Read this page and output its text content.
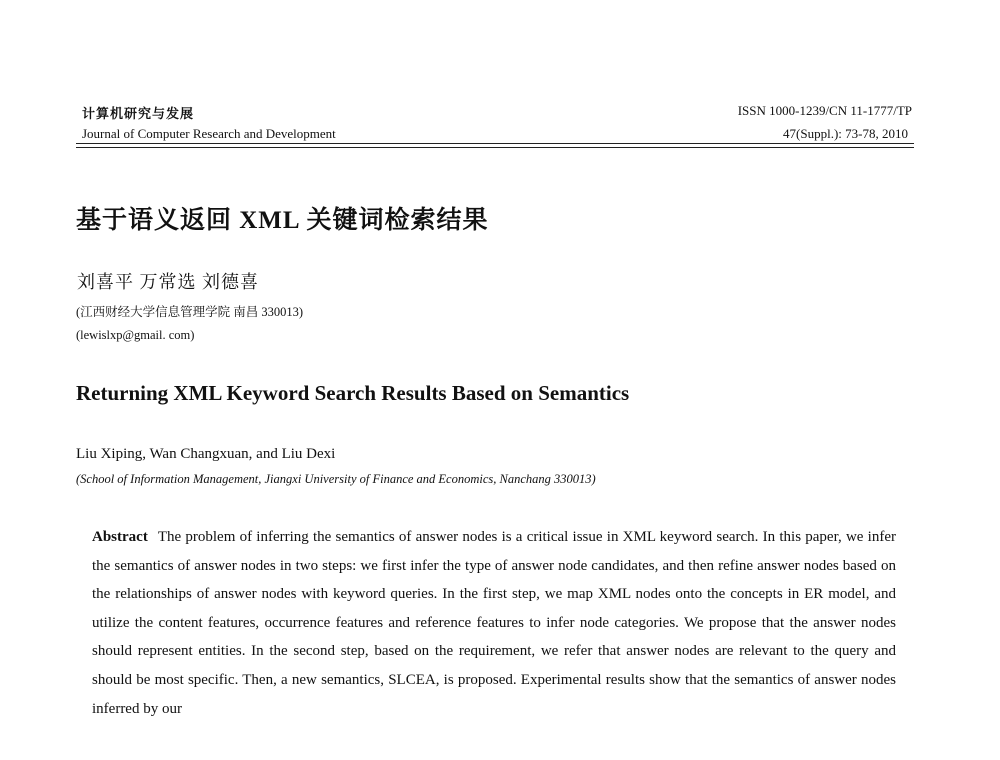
计算机研究与发展
Journal of Computer Research and Development
ISSN 1000-1239/CN 11-1777/TP
47(Suppl.): 73-78, 2010
基于语义返回 XML 关键词检索结果
刘喜平 万常选 刘德喜
(江西财经大学信息管理学院 南昌 330013)
(lewislxp@gmail. com)
Returning XML Keyword Search Results Based on Semantics
Liu Xiping, Wan Changxuan, and Liu Dexi
(School of Information Management, Jiangxi University of Finance and Economics, Nanchang 330013)
Abstract The problem of inferring the semantics of answer nodes is a critical issue in XML keyword search. In this paper, we infer the semantics of answer nodes in two steps: we first infer the type of answer node candidates, and then refine answer nodes based on the relationships of answer nodes with keyword queries. In the first step, we map XML nodes onto the concepts in ER model, and utilize the content features, occurrence features and reference features to infer node categories. We propose that the answer nodes should represent entities. In the second step, based on the requirement, we refer that answer nodes are relevant to the query and should be most specific. Then, a new semantics, SLCEA, is proposed. Experimental results show that the semantics of answer nodes inferred by our
